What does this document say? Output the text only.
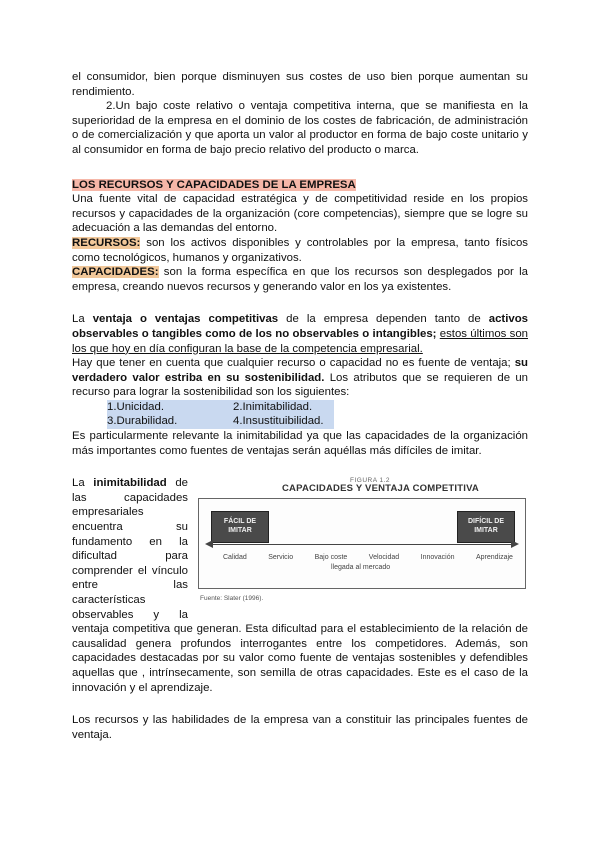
el consumidor, bien porque disminuyen sus costes de uso bien porque aumentan su rendimiento.

2.Un bajo coste relativo o ventaja competitiva interna, que se manifiesta en la superioridad de la empresa en el dominio de los costes de fabricación, de administración o de comercialización y que aporta un valor al productor en forma de bajo coste unitario y al consumidor en forma de bajo precio relativo del producto o marca.

LOS RECURSOS Y CAPACIDADES DE LA EMPRESA

Una fuente vital de capacidad estratégica y de competitividad reside en los propios recursos y capacidades de la organización (core competencias), siempre que se logre su adecuación a las demandas del entorno.

RECURSOS: son los activos disponibles y controlables por la empresa, tanto físicos como tecnológicos, humanos y organizativos.

CAPACIDADES: son la forma específica en que los recursos son desplegados por la empresa, creando nuevos recursos y generando valor en los ya existentes.

La ventaja o ventajas competitivas de la empresa dependen tanto de activos observables o tangibles como de los no observables o intangibles; estos últimos son los que hoy en día configuran la base de la competencia empresarial.

Hay que tener en cuenta que cualquier recurso o capacidad no es fuente de ventaja; su verdadero valor estriba en su sostenibilidad. Los atributos que se requieren de un recurso para lograr la sostenibilidad son los siguientes:

1.Unicidad.	2.Inimitabilidad.
3.Durabilidad.	4.Insustituibilidad.

Es particularmente relevante la inimitabilidad ya que las capacidades de la organización más importantes como fuentes de ventajas serán aquéllas más difíciles de imitar.

La inimitabilidad de

las capacidades

empresariales

encuentra su

fundamento en la

dificultad para

comprender el vínculo

entre las

características

observables y la

FIGURA 1.2
CAPACIDADES Y VENTAJA COMPETITIVA
FÁCIL DE IMITAR
DIFÍCIL DE IMITAR
Calidad	Servicio	Bajo coste	Velocidad	Innovación	Aprendizaje
llegada al mercado
Fuente: Slater (1996).

ventaja competitiva que generan. Esta dificultad para el establecimiento de la relación de causalidad genera profundos interrogantes entre los competidores. Además, son capacidades destacadas por su valor como fuente de ventajas sostenibles y defendibles aquellas que , intrínsecamente, son semilla de otras capacidades. Este es el caso de la innovación y el aprendizaje.

Los recursos y las habilidades de la empresa van a constituir las principales fuentes de ventaja.
